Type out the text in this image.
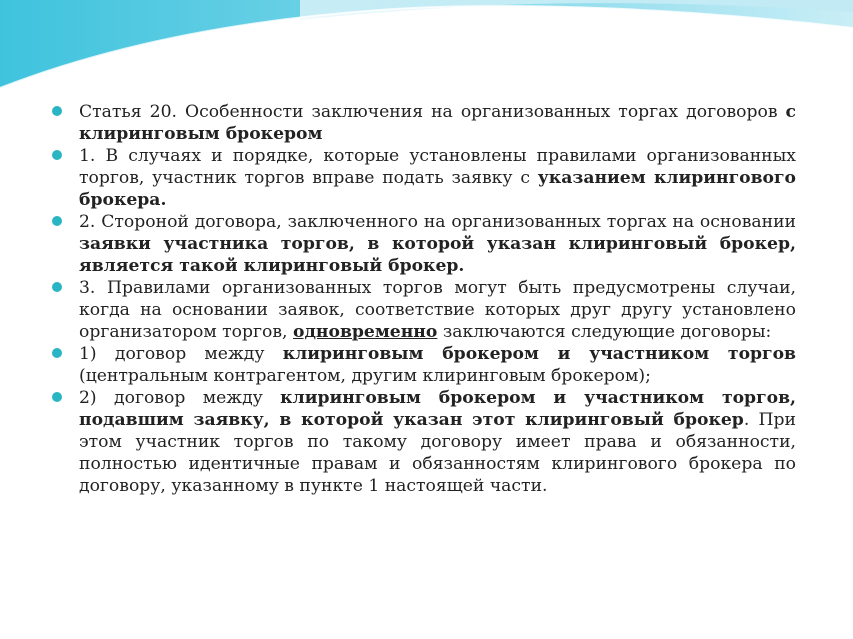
Статья 20. Особенности заключения на организованных торгах договоров с клиринговым брокером
1. В случаях и порядке, которые установлены правилами организованных торгов, участник торгов вправе подать заявку с указанием клирингового брокера.
2. Стороной договора, заключенного на организованных торгах на основании заявки участника торгов, в которой указан клиринговый брокер, является такой клиринговый брокер.
3. Правилами организованных торгов могут быть предусмотрены случаи, когда на основании заявок, соответствие которых друг другу установлено организатором торгов, одновременно заключаются следующие договоры:
1) договор между клиринговым брокером и участником торгов (центральным контрагентом, другим клиринговым брокером);
2) договор между клиринговым брокером и участником торгов, подавшим заявку, в которой указан этот клиринговый брокер. При этом участник торгов по такому договору имеет права и обязанности, полностью идентичные правам и обязанностям клирингового брокера по договору, указанному в пункте 1 настоящей части.
